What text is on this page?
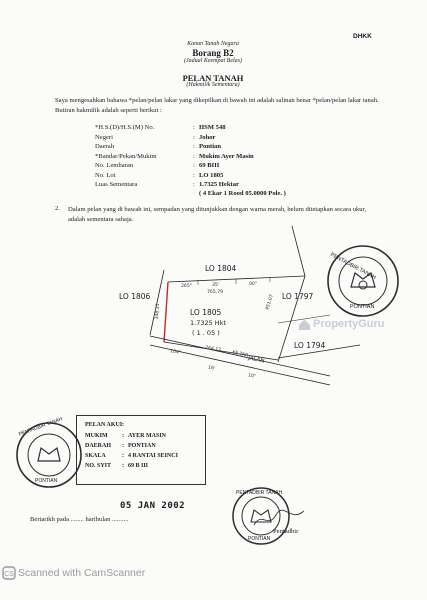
DHKK
Kanun Tanah Negara
Borang B2
(Jadual Keempat Belas)
PELAN TANAH
(Hakmilik Sementara)
Saya mengesahkan bahawa *pelan/pelan lakar yang dikepilkan di bawah ini adalah salinan benar *pelan/pelan lakar tanah. Butiran hakmilik adalah seperti berikut :
*H.S.(D)/H.S.(M) No.	: HSM 548
Negeri	: Johor
Daerah	: Pontian
*Bandar/Pekan/Mukim	: Mukim Ayer Masin
No. Lembaran	: 69 BIII
No. Lot	: LO 1805
Luas Sementara	: 1.7325 Hektar
( 4 Ekar 1 Rood 05.0000 Pole. )
2. Dalam pelan yang di bawah ini, sempadan yang ditunjukkan dengan warna merah, belum ditetapkan secara ukur, adalah sementara sahaja.
PENTADBIR TANAH
PONTIAN
LO 1804
LO 1806	LO 1797
LO 1794
LO 1805
1.7325 Hkt
( 1 . 05 )
265°	35'	00"
765.79
451.07
348.31
764.17
104°
16'
10"
KE TAR
JALAN
PropertyGuru
PELAN AKUI :
MUKIM : AYER MASIN
DAERAH : PONTIAN
SKALA	: 4 RANTAI SEINCI
NO. SYIT : 69 B III
PENTADBIR TANAH
PONTIAN
PENTADBIR TANAH
PONTIAN
05 JAN 2002
Bertarikh pada ........ haribulan ..........
Pentadbir
CS Scanned with CamScanner
